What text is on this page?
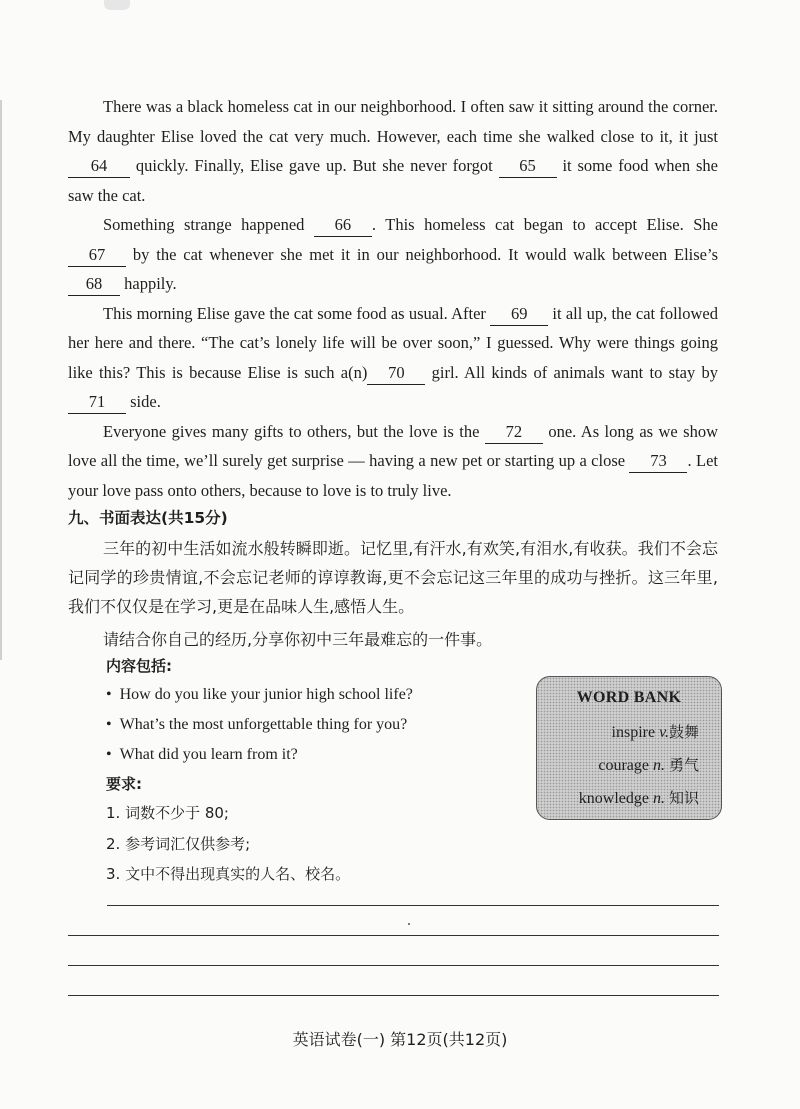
There was a black homeless cat in our neighborhood. I often saw it sitting around the corner. My daughter Elise loved the cat very much. However, each time she walked close to it, it just 64 quickly. Finally, Elise gave up. But she never forgot 65 it some food when she saw the cat.

Something strange happened 66 . This homeless cat began to accept Elise. She 67 by the cat whenever she met it in our neighborhood. It would walk between Elise’s 68 happily.

This morning Elise gave the cat some food as usual. After 69 it all up, the cat followed her here and there. “The cat’s lonely life will be over soon,” I guessed. Why were things going like this? This is because Elise is such a(n) 70 girl. All kinds of animals want to stay by 71 side.

Everyone gives many gifts to others, but the love is the 72 one. As long as we show love all the time, we’ll surely get surprise — having a new pet or starting up a close 73 . Let your love pass onto others, because to love is to truly live.

九、书面表达(共15分)

三年的初中生活如流水般转瞬即逝。记忆里,有汗水,有欢笑,有泪水,有收获。我们不会忘记同学的珍贵情谊,不会忘记老师的谆谆教诲,更不会忘记这三年里的成功与挫折。这三年里,我们不仅仅是在学习,更是在品味人生,感悟人生。

请结合你自己的经历,分享你初中三年最难忘的一件事。

内容包括:
• How do you like your junior high school life?
• What’s the most unforgettable thing for you?
• What did you learn from it?
要求:
1. 词数不少于 80;
2. 参考词汇仅供参考;
3. 文中不得出现真实的人名、校名。
WORD BANK
inspire v.鼓舞
courage n. 勇气
knowledge n. 知识
英语试卷(一) 第12页(共12页)
